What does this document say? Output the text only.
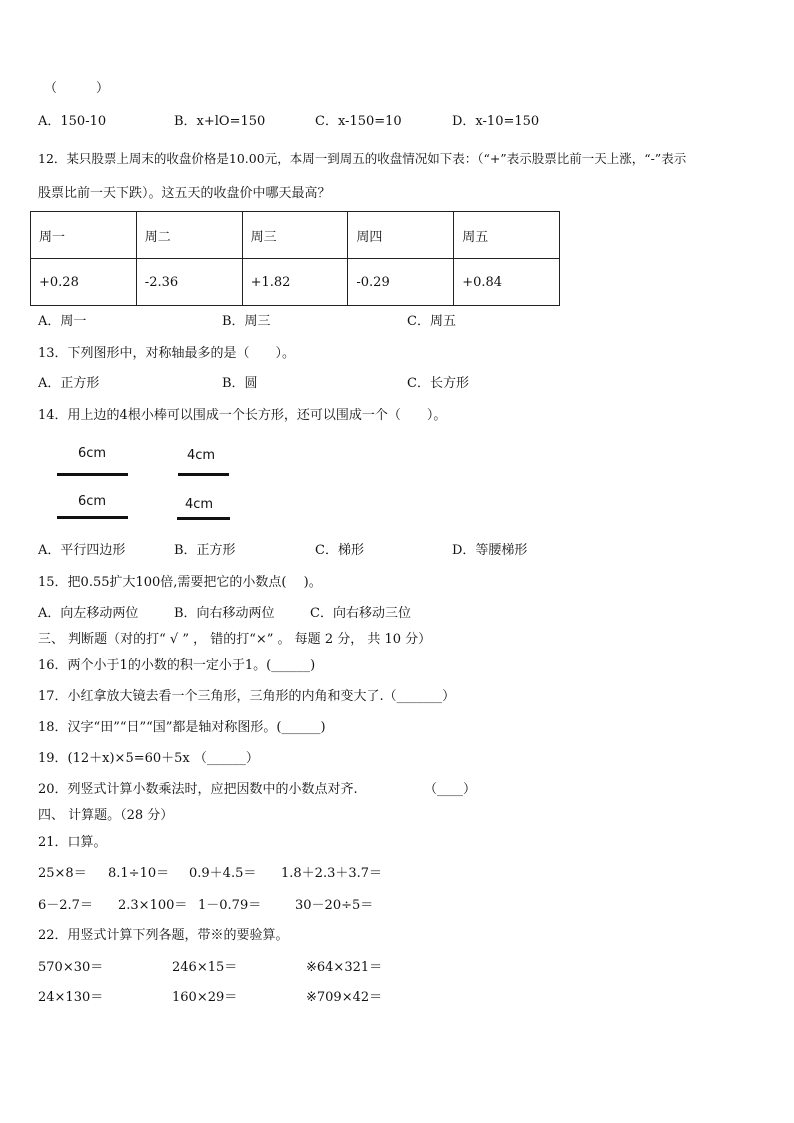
（　　　）
A．150-10	B．x+lO=150	C．x-150=10	D．x-10=150
12．某只股票上周末的收盘价格是10.00元，本周一到周五的收盘情况如下表：（“+”表示股票比前一天上涨，“-”表示
股票比前一天下跌）。这五天的收盘价中哪天最高？
周一	周二	周三	周四	周五
+0.28	-2.36	+1.82	-0.29	+0.84
A．周一	B．周三	C．周五
13．下列图形中，对称轴最多的是（　　）。
A．正方形	B．圆	C．长方形
14．用上边的4根小棒可以围成一个长方形，还可以围成一个（　　）。
6cm
6cm
4cm
4cm
A．平行四边形	B．正方形	C．梯形	D．等腰梯形
15．把0.55扩大100倍,需要把它的小数点(　 )。
A．向左移动两位	B．向右移动两位	C．向右移动三位
三、 判断题（对的打“ √ ” ， 错的打“×” 。 每题 2 分， 共 10 分）
16．两个小于1的小数的积一定小于1。(______)
17．小红拿放大镜去看一个三角形，三角形的内角和变大了.（_______）
18．汉字“田”“日”“国”都是轴对称图形。(______)
19．(12＋x)×5=60＋5x （______）
20．列竖式计算小数乘法时，应把因数中的小数点对齐.	（____）
四、 计算题。（28 分）
21．口算。
25×8＝ 8.1÷10＝ 0.9＋4.5＝ 1.8＋2.3＋3.7＝
6－2.7＝ 2.3×100＝ 1－0.79＝	30－20÷5＝
22．用竖式计算下列各题，带※的要验算。
570×30＝	246×15＝	※64×321＝
24×130＝	160×29＝	※709×42＝
